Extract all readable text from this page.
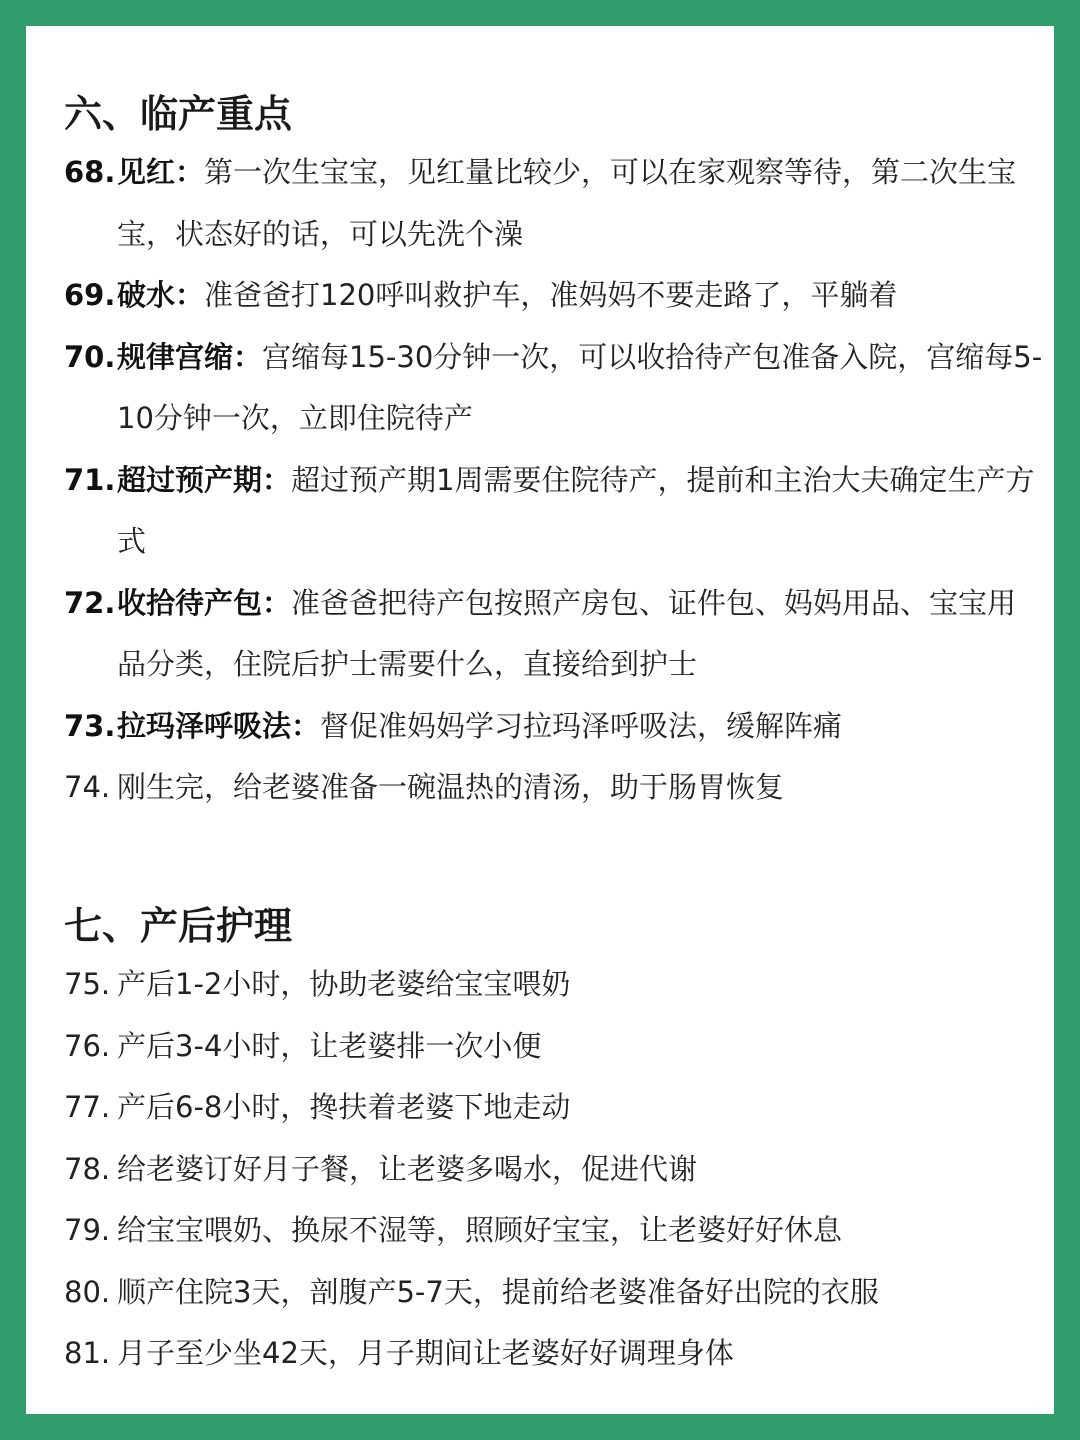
六、临产重点
68. 见红：第一次生宝宝，见红量比较少，可以在家观察等待，第二次生宝宝，状态好的话，可以先洗个澡
69. 破水：准爸爸打120呼叫救护车，准妈妈不要走路了，平躺着
70. 规律宫缩：宫缩每15-30分钟一次，可以收拾待产包准备入院，宫缩每5-10分钟一次，立即住院待产
71. 超过预产期：超过预产期1周需要住院待产，提前和主治大夫确定生产方式
72. 收拾待产包：准爸爸把待产包按照产房包、证件包、妈妈用品、宝宝用品分类，住院后护士需要什么，直接给到护士
73. 拉玛泽呼吸法：督促准妈妈学习拉玛泽呼吸法，缓解阵痛
74. 刚生完，给老婆准备一碗温热的清汤，助于肠胃恢复
七、产后护理
75. 产后1-2小时，协助老婆给宝宝喂奶
76. 产后3-4小时，让老婆排一次小便
77. 产后6-8小时，搀扶着老婆下地走动
78. 给老婆订好月子餐，让老婆多喝水，促进代谢
79. 给宝宝喂奶、换尿不湿等，照顾好宝宝，让老婆好好休息
80. 顺产住院3天，剖腹产5-7天，提前给老婆准备好出院的衣服
81. 月子至少坐42天，月子期间让老婆好好调理身体
